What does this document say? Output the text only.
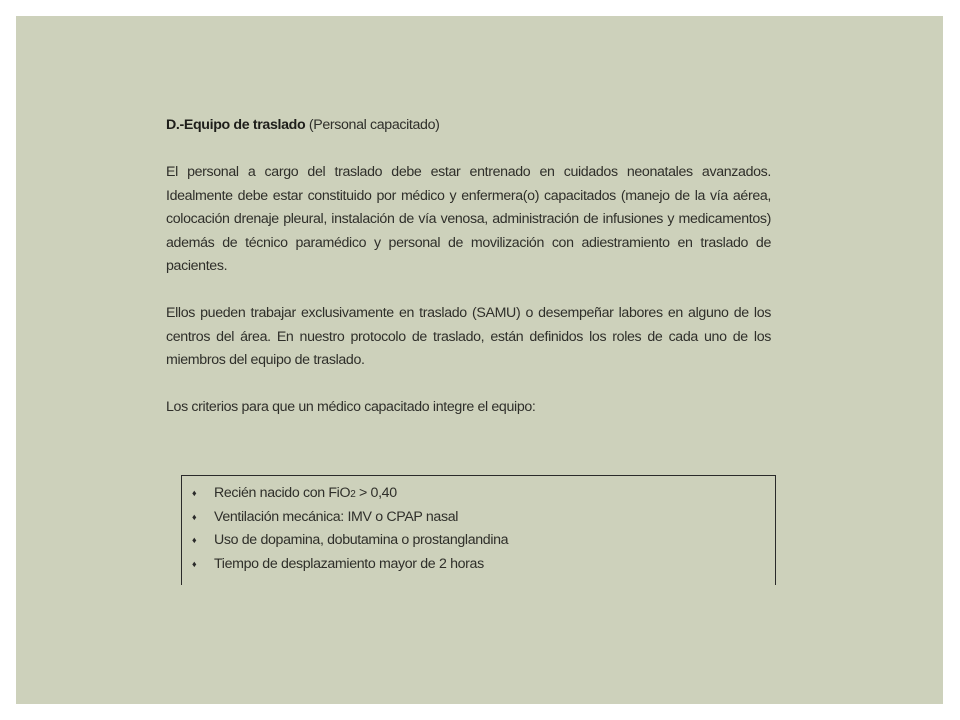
D.-Equipo de traslado (Personal capacitado)

El personal a cargo del traslado debe estar entrenado en cuidados neonatales avanzados. Idealmente debe estar constituido por médico y enfermera(o) capacitados (manejo de la vía aérea, colocación drenaje pleural, instalación de vía venosa, administración de infusiones y medicamentos) además de técnico paramédico y personal de movilización con adiestramiento en traslado de pacientes.

Ellos pueden trabajar exclusivamente en traslado (SAMU) o desempeñar labores en alguno de los centros del área. En nuestro protocolo de traslado, están definidos los roles de cada uno de los miembros del equipo de traslado.

Los criterios para que un médico capacitado integre el equipo:

♦	Recién nacido con FiO2 > 0,40
♦	Ventilación mecánica: IMV o CPAP nasal
♦	Uso de dopamina, dobutamina o prostanglandina
♦	Tiempo de desplazamiento mayor de 2 horas
